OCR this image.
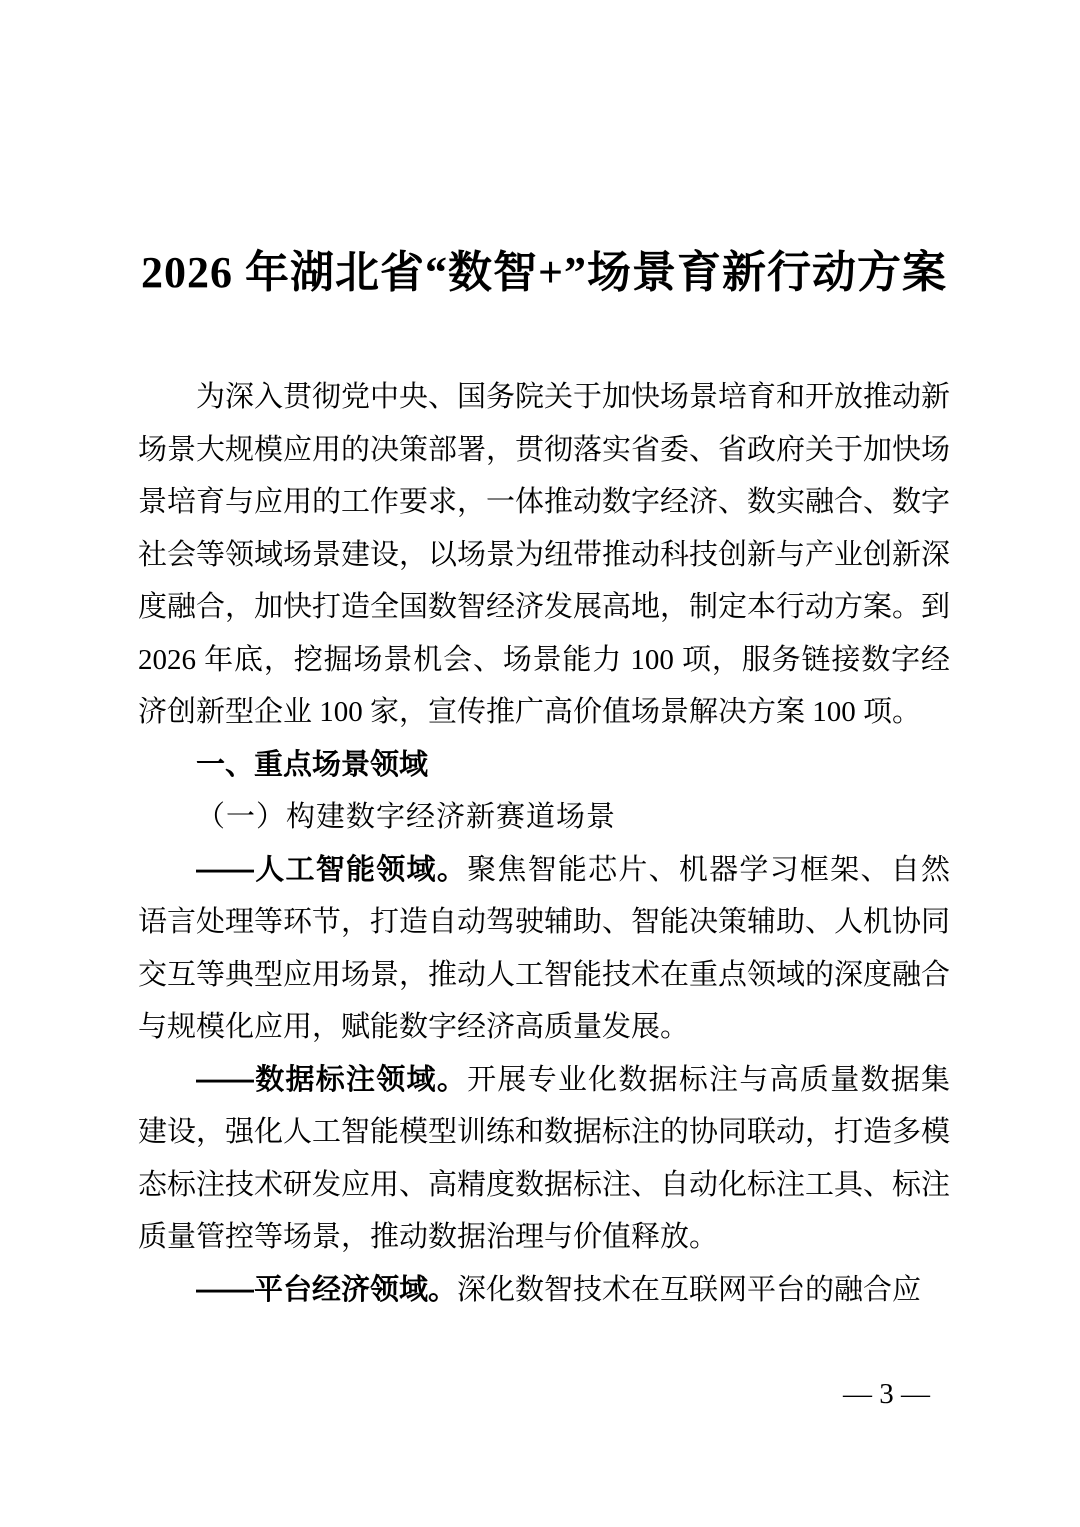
2026 年湖北省“数智+”场景育新行动方案

为深入贯彻党中央、国务院关于加快场景培育和开放推动新场景大规模应用的决策部署，贯彻落实省委、省政府关于加快场景培育与应用的工作要求，一体推动数字经济、数实融合、数字社会等领域场景建设，以场景为纽带推动科技创新与产业创新深度融合，加快打造全国数智经济发展高地，制定本行动方案。到 2026 年底，挖掘场景机会、场景能力 100 项，服务链接数字经济创新型企业 100 家，宣传推广高价值场景解决方案 100 项。

一、重点场景领域
（一）构建数字经济新赛道场景

——人工智能领域。聚焦智能芯片、机器学习框架、自然语言处理等环节，打造自动驾驶辅助、智能决策辅助、人机协同交互等典型应用场景，推动人工智能技术在重点领域的深度融合与规模化应用，赋能数字经济高质量发展。

——数据标注领域。开展专业化数据标注与高质量数据集建设，强化人工智能模型训练和数据标注的协同联动，打造多模态标注技术研发应用、高精度数据标注、自动化标注工具、标注质量管控等场景，推动数据治理与价值释放。

——平台经济领域。深化数智技术在互联网平台的融合应

— 3 —
